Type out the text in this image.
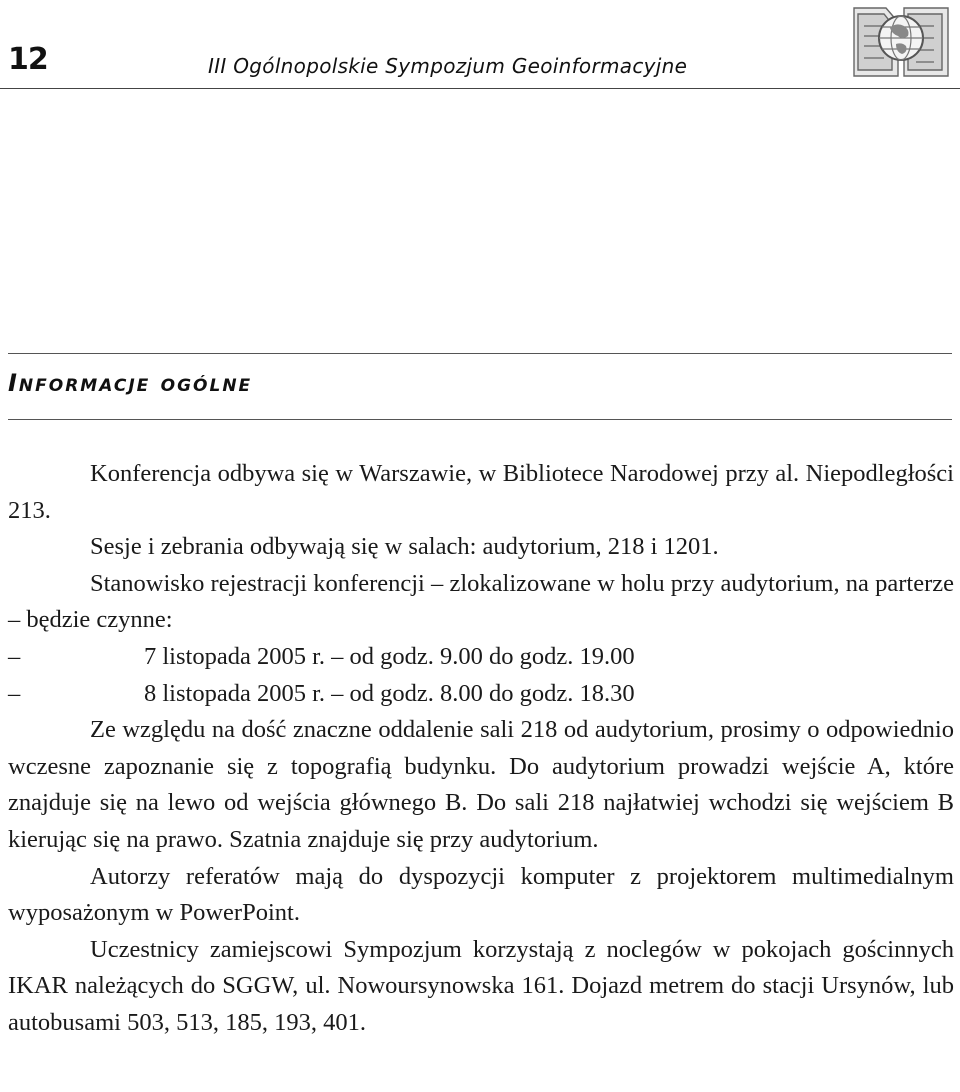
12	III Ogólnopolskie Sympozjum Geoinformacyjne
Informacje ogólne

Konferencja odbywa się w Warszawie, w Bibliotece Narodowej przy al. Niepodległości 213.

Sesje i zebrania odbywają się w salach: audytorium, 218 i 1201.

Stanowisko rejestracji konferencji – zlokalizowane w holu przy audytorium, na parterze – będzie czynne:

–	7 listopada 2005 r. – od godz. 9.00 do godz. 19.00
–	8 listopada 2005 r. – od godz. 8.00 do godz. 18.30

Ze względu na dość znaczne oddalenie sali 218 od audytorium, prosimy o odpowiednio wczesne zapoznanie się z topografią budynku. Do audytorium prowadzi wejście A, które znajduje się na lewo od wejścia głównego B. Do sali 218 najłatwiej wchodzi się wejściem B kierując się na prawo. Szatnia znajduje się przy audytorium.

Autorzy referatów mają do dyspozycji komputer z projektorem multimedialnym wyposażonym w PowerPoint.

Uczestnicy zamiejscowi Sympozjum korzystają z noclegów w pokojach gościnnych IKAR należących do SGGW, ul. Nowoursynowska 161. Dojazd metrem do stacji Ursynów, lub autobusami 503, 513, 185, 193, 401.
